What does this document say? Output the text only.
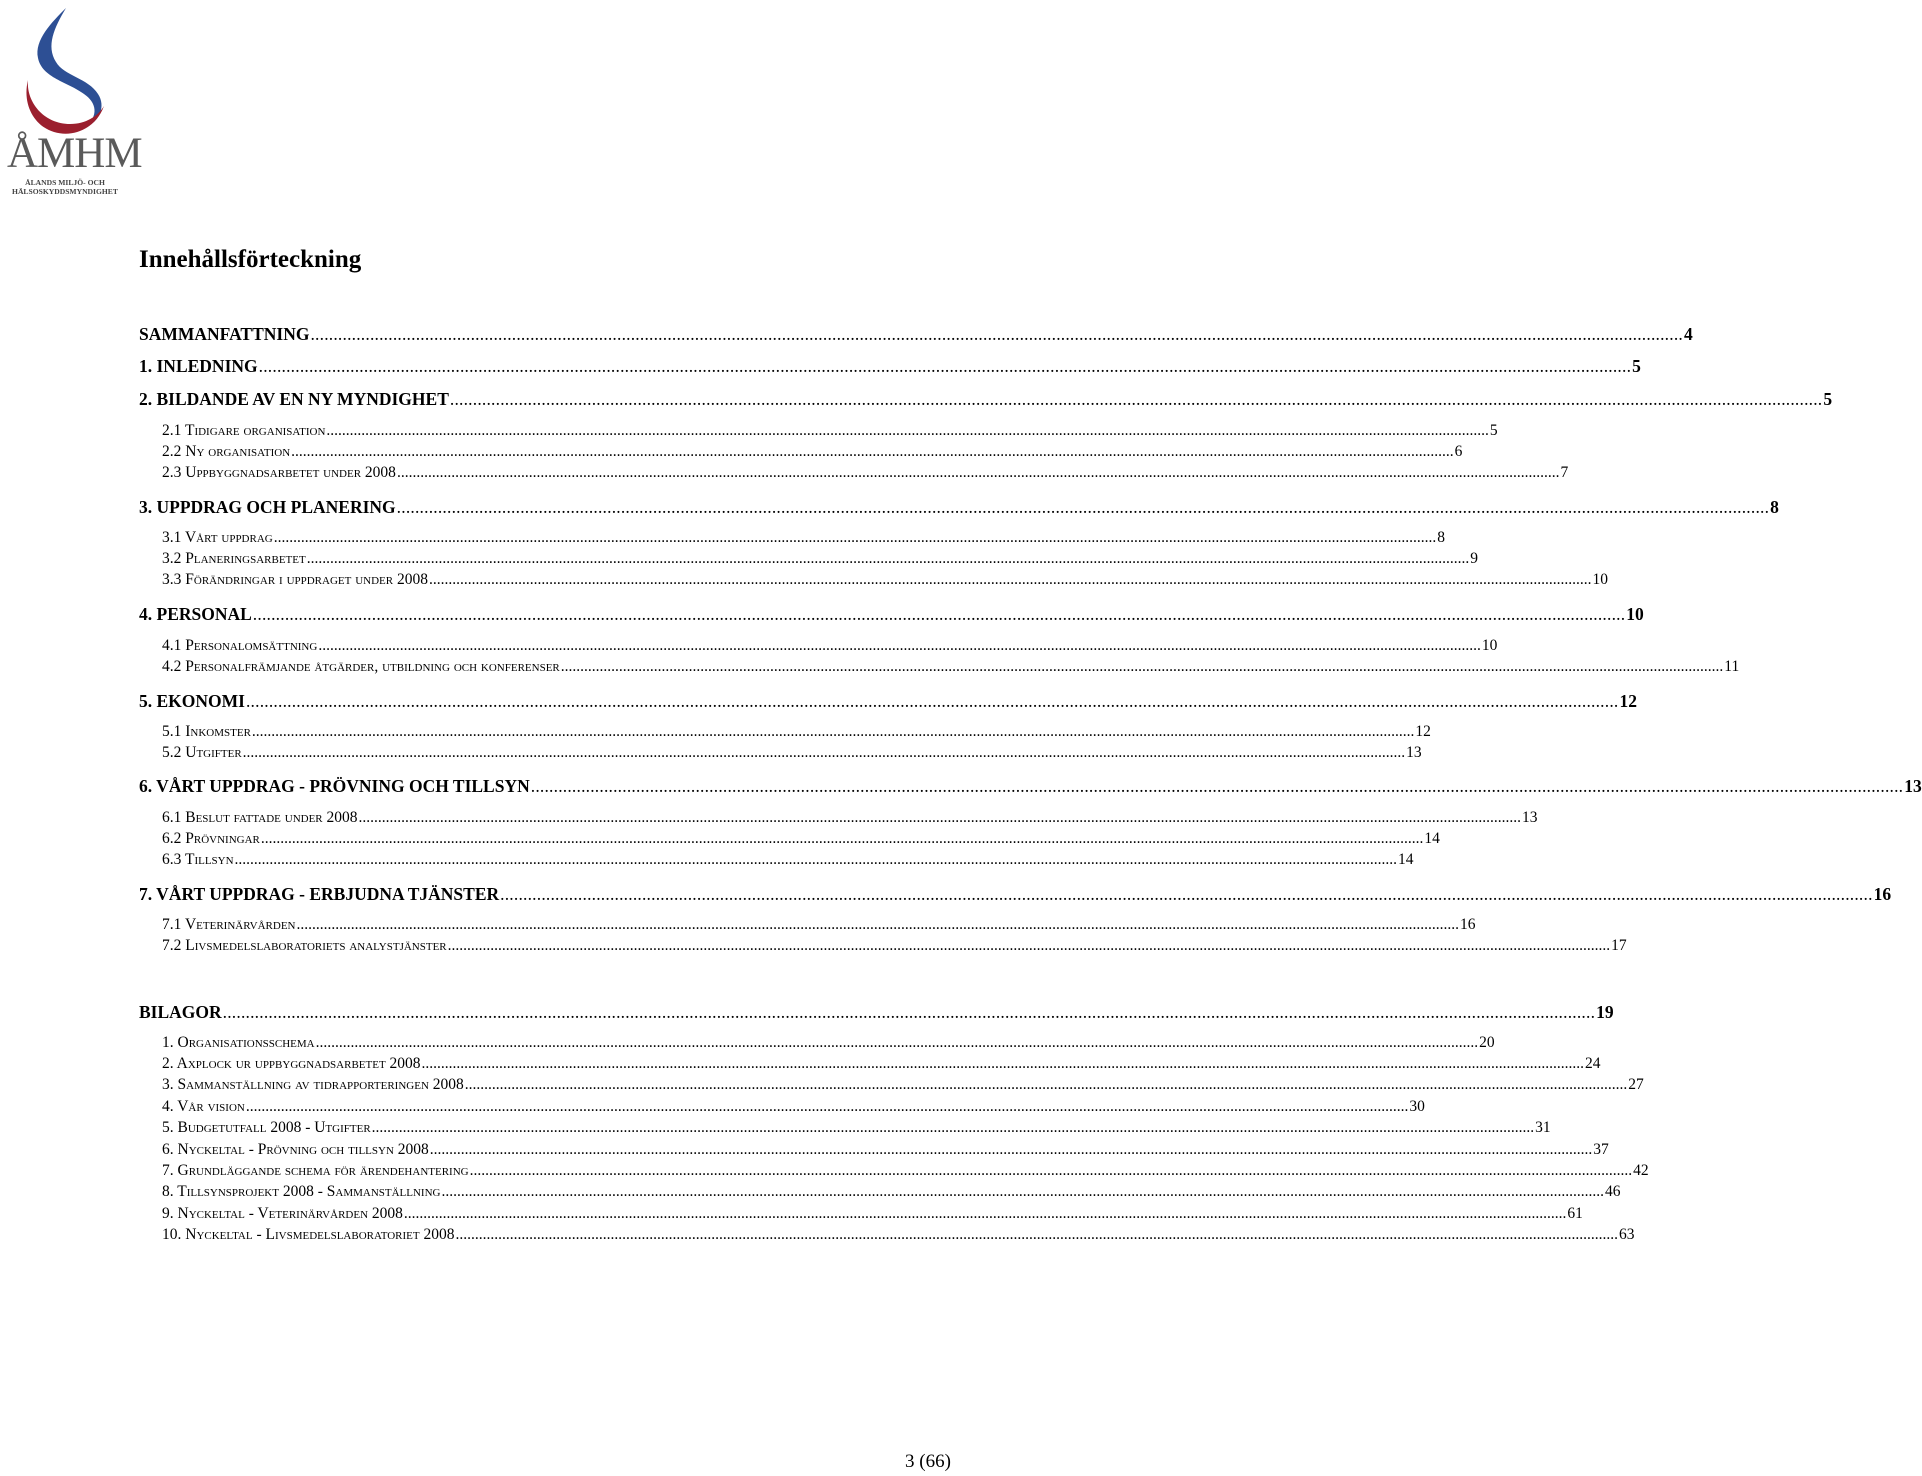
ÅMHM
ÅLANDS MILJÖ- OCH
HÄLSOSKYDDSMYNDIGHET
Innehållsförteckning
SAMMANFATTNING ............................................................................................................................................................................................................................................................................................................ 4
1. INLEDNING ............................................................................................................................................................................................................................................................................................................ 5
2. BILDANDE AV EN NY MYNDIGHET ............................................................................................................................................................................................................................................................................................................ 5
2.1 Tidigare organisation ............................................................................................................................................................................................................................................................................................................ 5
2.2 Ny organisation ............................................................................................................................................................................................................................................................................................................ 6
2.3 Uppbyggnadsarbetet under 2008 ............................................................................................................................................................................................................................................................................................................ 7
3. UPPDRAG OCH PLANERING ............................................................................................................................................................................................................................................................................................................ 8
3.1 Vårt uppdrag ............................................................................................................................................................................................................................................................................................................ 8
3.2 Planeringsarbetet ............................................................................................................................................................................................................................................................................................................ 9
3.3 Förändringar i uppdraget under 2008 ............................................................................................................................................................................................................................................................................................................ 10
4. PERSONAL ............................................................................................................................................................................................................................................................................................................ 10
4.1 Personalomsättning ............................................................................................................................................................................................................................................................................................................ 10
4.2 Personalfrämjande åtgärder, utbildning och konferenser ............................................................................................................................................................................................................................................................................................................ 11
5. EKONOMI ............................................................................................................................................................................................................................................................................................................ 12
5.1 Inkomster ............................................................................................................................................................................................................................................................................................................ 12
5.2 Utgifter ............................................................................................................................................................................................................................................................................................................ 13
6. VÅRT UPPDRAG - PRÖVNING OCH TILLSYN ............................................................................................................................................................................................................................................................................................................ 13
6.1 Beslut fattade under 2008 ............................................................................................................................................................................................................................................................................................................ 13
6.2 Prövningar ............................................................................................................................................................................................................................................................................................................ 14
6.3 Tillsyn ............................................................................................................................................................................................................................................................................................................ 14
7. VÅRT UPPDRAG - ERBJUDNA TJÄNSTER ............................................................................................................................................................................................................................................................................................................ 16
7.1 Veterinärvården ............................................................................................................................................................................................................................................................................................................ 16
7.2 Livsmedelslaboratoriets analystjänster ............................................................................................................................................................................................................................................................................................................ 17
BILAGOR ............................................................................................................................................................................................................................................................................................................ 19
1. Organisationsschema ............................................................................................................................................................................................................................................................................................................ 20
2. Axplock ur uppbyggnadsarbetet 2008 ............................................................................................................................................................................................................................................................................................................ 24
3. Sammanställning av tidrapporteringen 2008 ............................................................................................................................................................................................................................................................................................................ 27
4. Vår vision ............................................................................................................................................................................................................................................................................................................ 30
5. Budgetutfall 2008 - Utgifter ............................................................................................................................................................................................................................................................................................................ 31
6. Nyckeltal - Prövning och tillsyn 2008 ............................................................................................................................................................................................................................................................................................................ 37
7. Grundläggande schema för ärendehantering ............................................................................................................................................................................................................................................................................................................ 42
8. Tillsynsprojekt 2008 - Sammanställning ............................................................................................................................................................................................................................................................................................................ 46
9. Nyckeltal - Veterinärvården 2008 ............................................................................................................................................................................................................................................................................................................ 61
10. Nyckeltal - Livsmedelslaboratoriet 2008 ............................................................................................................................................................................................................................................................................................................ 63
3 (66)
